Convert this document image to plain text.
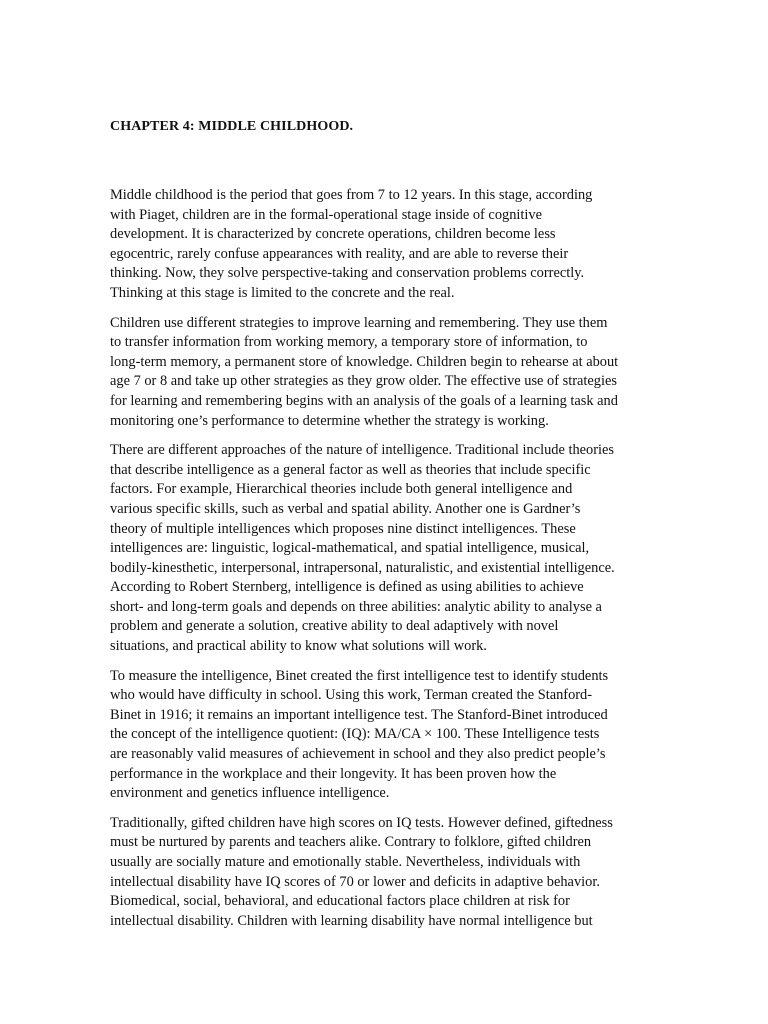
CHAPTER 4: MIDDLE CHILDHOOD.

Middle childhood is the period that goes from 7 to 12 years. In this stage, according
with Piaget, children are in the formal-operational stage inside of cognitive
development. It is characterized by concrete operations, children become less
egocentric, rarely confuse appearances with reality, and are able to reverse their
thinking. Now, they solve perspective-taking and conservation problems correctly.
Thinking at this stage is limited to the concrete and the real.

Children use different strategies to improve learning and remembering. They use them
to transfer information from working memory, a temporary store of information, to
long-term memory, a permanent store of knowledge. Children begin to rehearse at about
age 7 or 8 and take up other strategies as they grow older. The effective use of strategies
for learning and remembering begins with an analysis of the goals of a learning task and
monitoring one’s performance to determine whether the strategy is working.

There are different approaches of the nature of intelligence. Traditional include theories
that describe intelligence as a general factor as well as theories that include specific
factors. For example, Hierarchical theories include both general intelligence and
various specific skills, such as verbal and spatial ability. Another one is Gardner’s
theory of multiple intelligences which proposes nine distinct intelligences. These
intelligences are: linguistic, logical-mathematical, and spatial intelligence, musical,
bodily-kinesthetic, interpersonal, intrapersonal, naturalistic, and existential intelligence.
According to Robert Sternberg, intelligence is defined as using abilities to achieve
short- and long-term goals and depends on three abilities: analytic ability to analyse a
problem and generate a solution, creative ability to deal adaptively with novel
situations, and practical ability to know what solutions will work.

To measure the intelligence, Binet created the first intelligence test to identify students
who would have difficulty in school. Using this work, Terman created the Stanford-
Binet in 1916; it remains an important intelligence test. The Stanford-Binet introduced
the concept of the intelligence quotient: (IQ): MA/CA × 100. These Intelligence tests
are reasonably valid measures of achievement in school and they also predict people’s
performance in the workplace and their longevity. It has been proven how the
environment and genetics influence intelligence.

Traditionally, gifted children have high scores on IQ tests. However defined, giftedness
must be nurtured by parents and teachers alike. Contrary to folklore, gifted children
usually are socially mature and emotionally stable. Nevertheless, individuals with
intellectual disability have IQ scores of 70 or lower and deficits in adaptive behavior.
Biomedical, social, behavioral, and educational factors place children at risk for
intellectual disability. Children with learning disability have normal intelligence but
